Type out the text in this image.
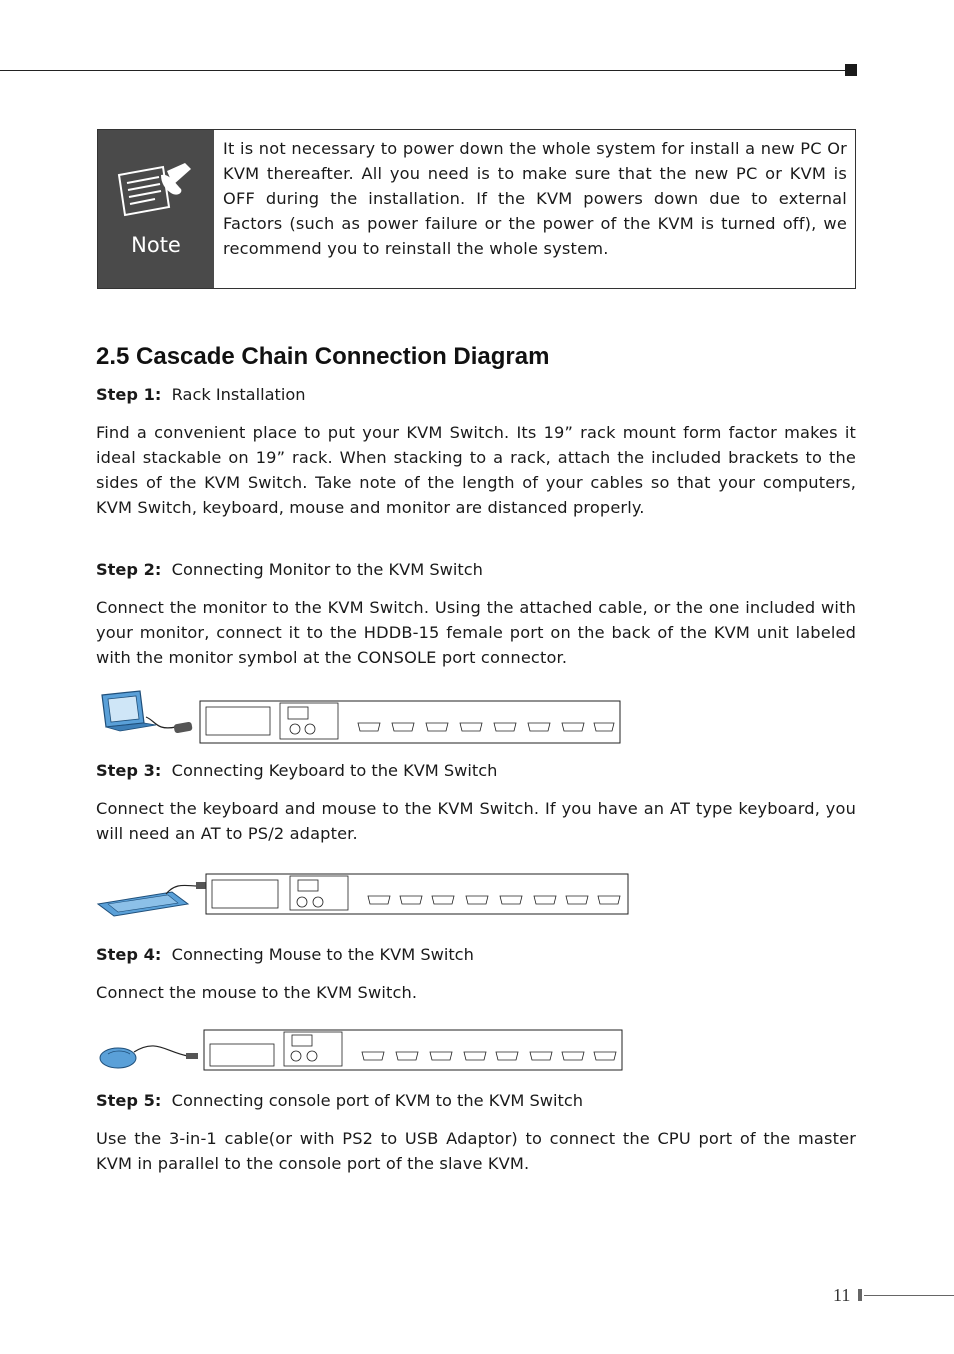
Note
It is not necessary to power down the whole system for install a new PC Or KVM thereafter. All you need is to make sure that the new PC or KVM is OFF during the installation. If the KVM powers down due to external Factors (such as power failure or the power of the KVM is turned off), we recommend you to reinstall the whole system.
2.5 Cascade Chain Connection Diagram
Step 1: Rack Installation
Find a convenient place to put your KVM Switch. Its 19” rack mount form factor makes it ideal stackable on 19” rack. When stacking to a rack, attach the included brackets to the sides of the KVM Switch. Take note of the length of your cables so that your computers, KVM Switch, keyboard, mouse and monitor are distanced properly.
Step 2: Connecting Monitor to the KVM Switch
Connect the monitor to the KVM Switch. Using the attached cable, or the one included with your monitor, connect it to the HDDB-15 female port on the back of the KVM unit labeled with the monitor symbol at the CONSOLE port connector.
Step 3: Connecting Keyboard to the KVM Switch
Connect the keyboard and mouse to the KVM Switch. If you have an AT type keyboard, you will need an AT to PS/2 adapter.
Step 4: Connecting Mouse to the KVM Switch
Connect the mouse to the KVM Switch.
Step 5: Connecting console port of KVM to the KVM Switch
Use the 3-in-1 cable(or with PS2 to USB Adaptor) to connect the CPU port of the master KVM in parallel to the console port of the slave KVM.
11
